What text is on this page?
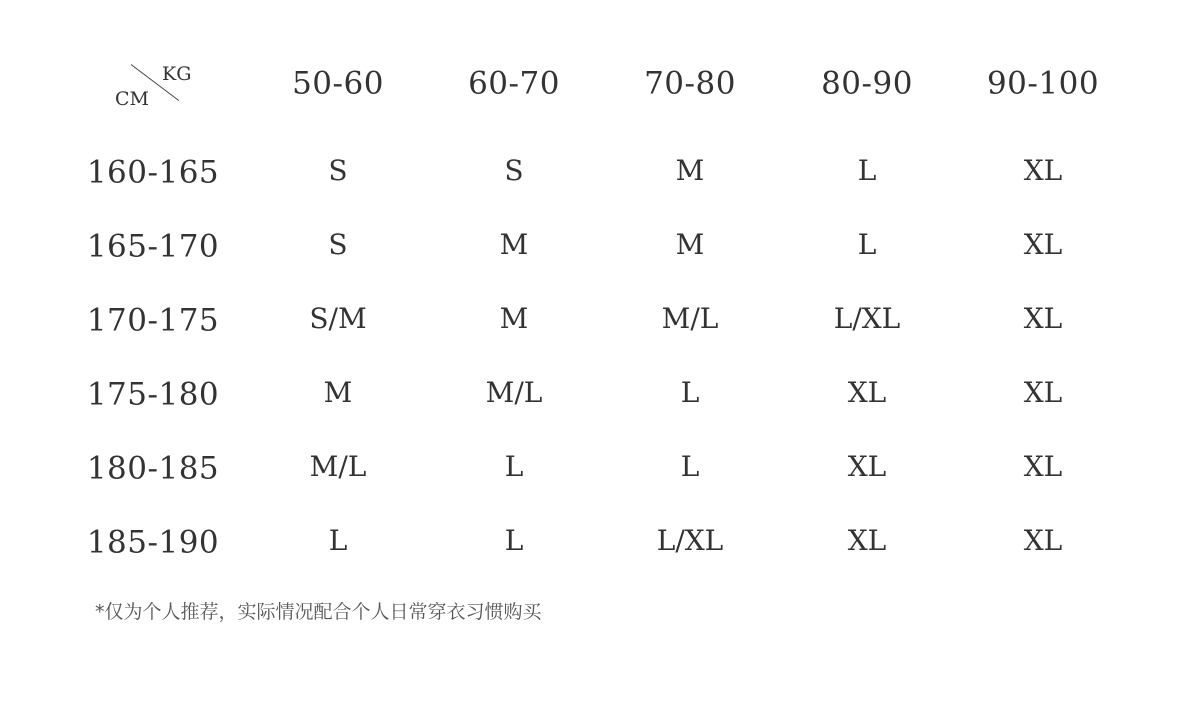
KG
CM	50-60	60-70	70-80	80-90 90-100
160-165	S	S	M	L	XL
165-170	S	M	M	L	XL
170-175	S/M	M	M/L	L/XL	XL
175-180	M	M/L	L	XL	XL
180-185	M/L	L	L	XL	XL
185-190	L	L	L/XL	XL	XL
*仅为个人推荐，实际情况配合个人日常穿衣习惯购买
